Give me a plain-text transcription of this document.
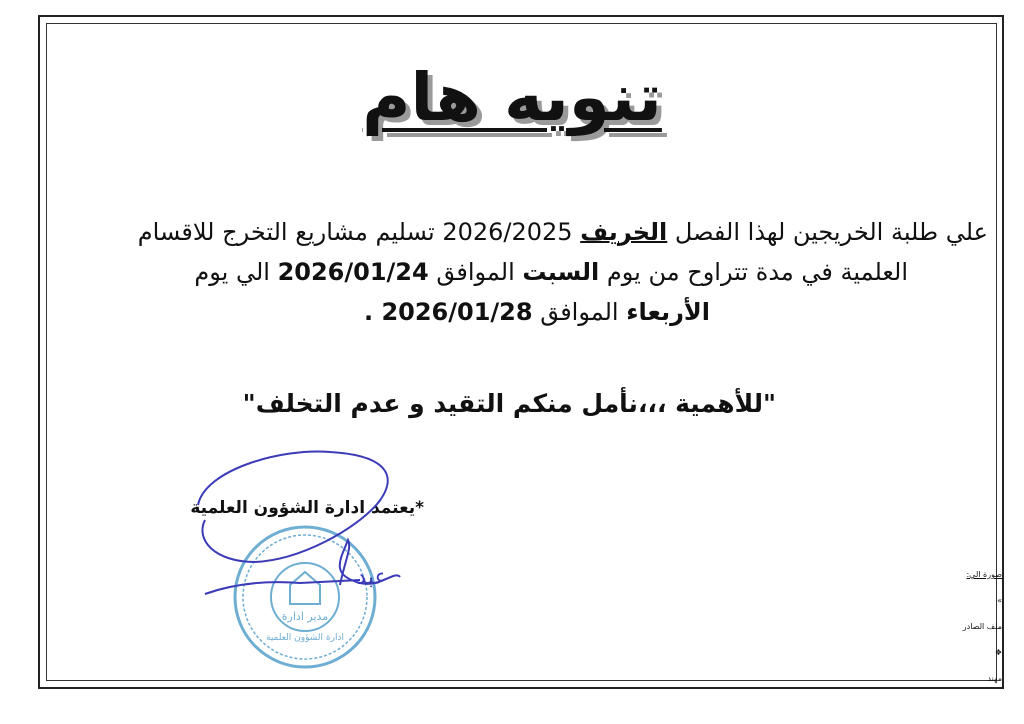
تنويه هام
علي طلبة الخريجين لهذا الفصل الخريف 2026/2025 تسليم مشاريع التخرج للاقسام
العلمية في مدة تتراوح من يوم السبت الموافق 2026/01/24 الي يوم
الأربعاء الموافق 2026/01/28 .
"للأهمية ،،،نأمل منكم التقيد و عدم التخلف"
*يعتمد ادارة الشؤون العلمية
صورة الي:
»
ملف الصادر
❖
مهند
مدير ادارة
ادارة الشؤون العلمية
عبد
